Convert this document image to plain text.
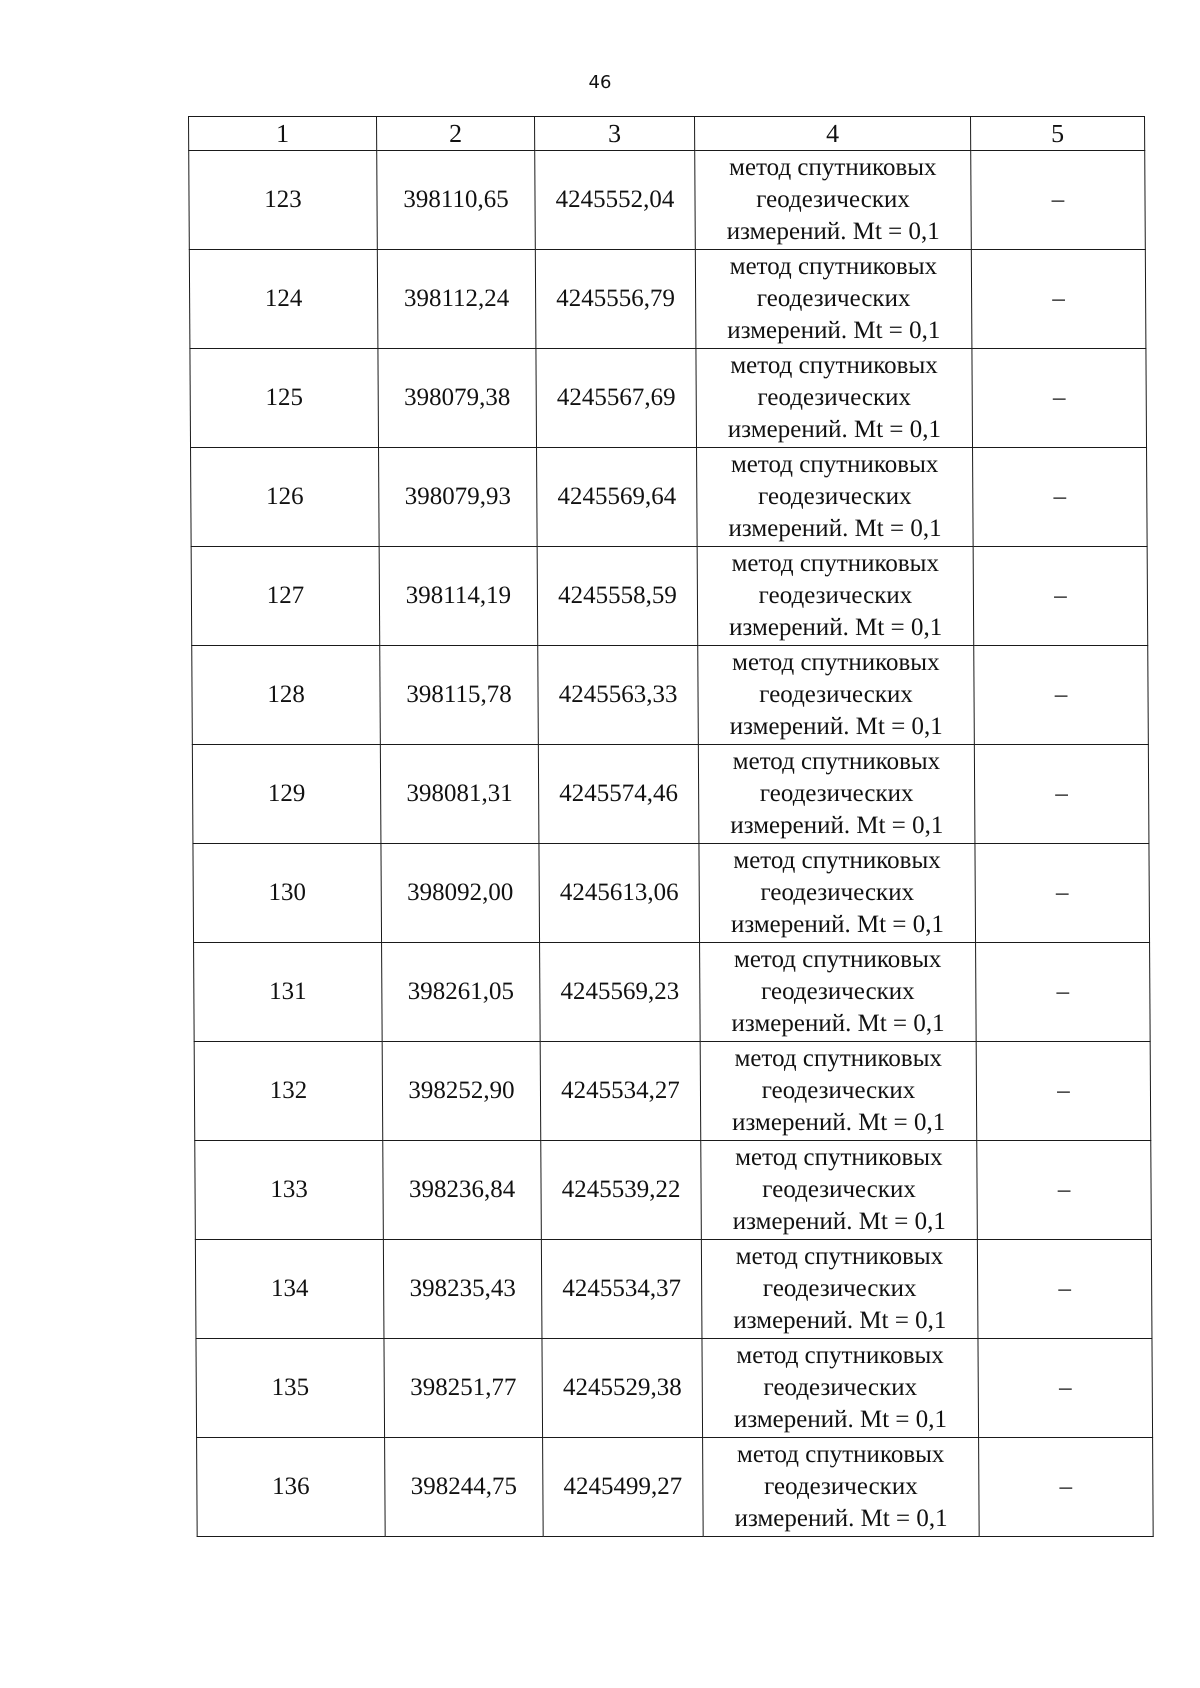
46
1	2	3	4	5
123	398110,65	4245552,04	метод спутниковых
геодезических
измерений. Mt = 0,1	–
124	398112,24	4245556,79	метод спутниковых
геодезических
измерений. Mt = 0,1	–
125	398079,38	4245567,69	метод спутниковых
геодезических
измерений. Mt = 0,1	–
126	398079,93	4245569,64	метод спутниковых
геодезических
измерений. Mt = 0,1	–
127	398114,19	4245558,59	метод спутниковых
геодезических
измерений. Mt = 0,1	–
128	398115,78	4245563,33	метод спутниковых
геодезических
измерений. Mt = 0,1	–
129	398081,31	4245574,46	метод спутниковых
геодезических
измерений. Mt = 0,1	–
130	398092,00	4245613,06	метод спутниковых
геодезических
измерений. Mt = 0,1	–
131	398261,05	4245569,23	метод спутниковых
геодезических
измерений. Mt = 0,1	–
132	398252,90	4245534,27	метод спутниковых
геодезических
измерений. Mt = 0,1	–
133	398236,84	4245539,22	метод спутниковых
геодезических
измерений. Mt = 0,1	–
134	398235,43	4245534,37	метод спутниковых
геодезических
измерений. Mt = 0,1	–
135	398251,77	4245529,38	метод спутниковых
геодезических
измерений. Mt = 0,1	–
136	398244,75	4245499,27	метод спутниковых
геодезических
измерений. Mt = 0,1	–
